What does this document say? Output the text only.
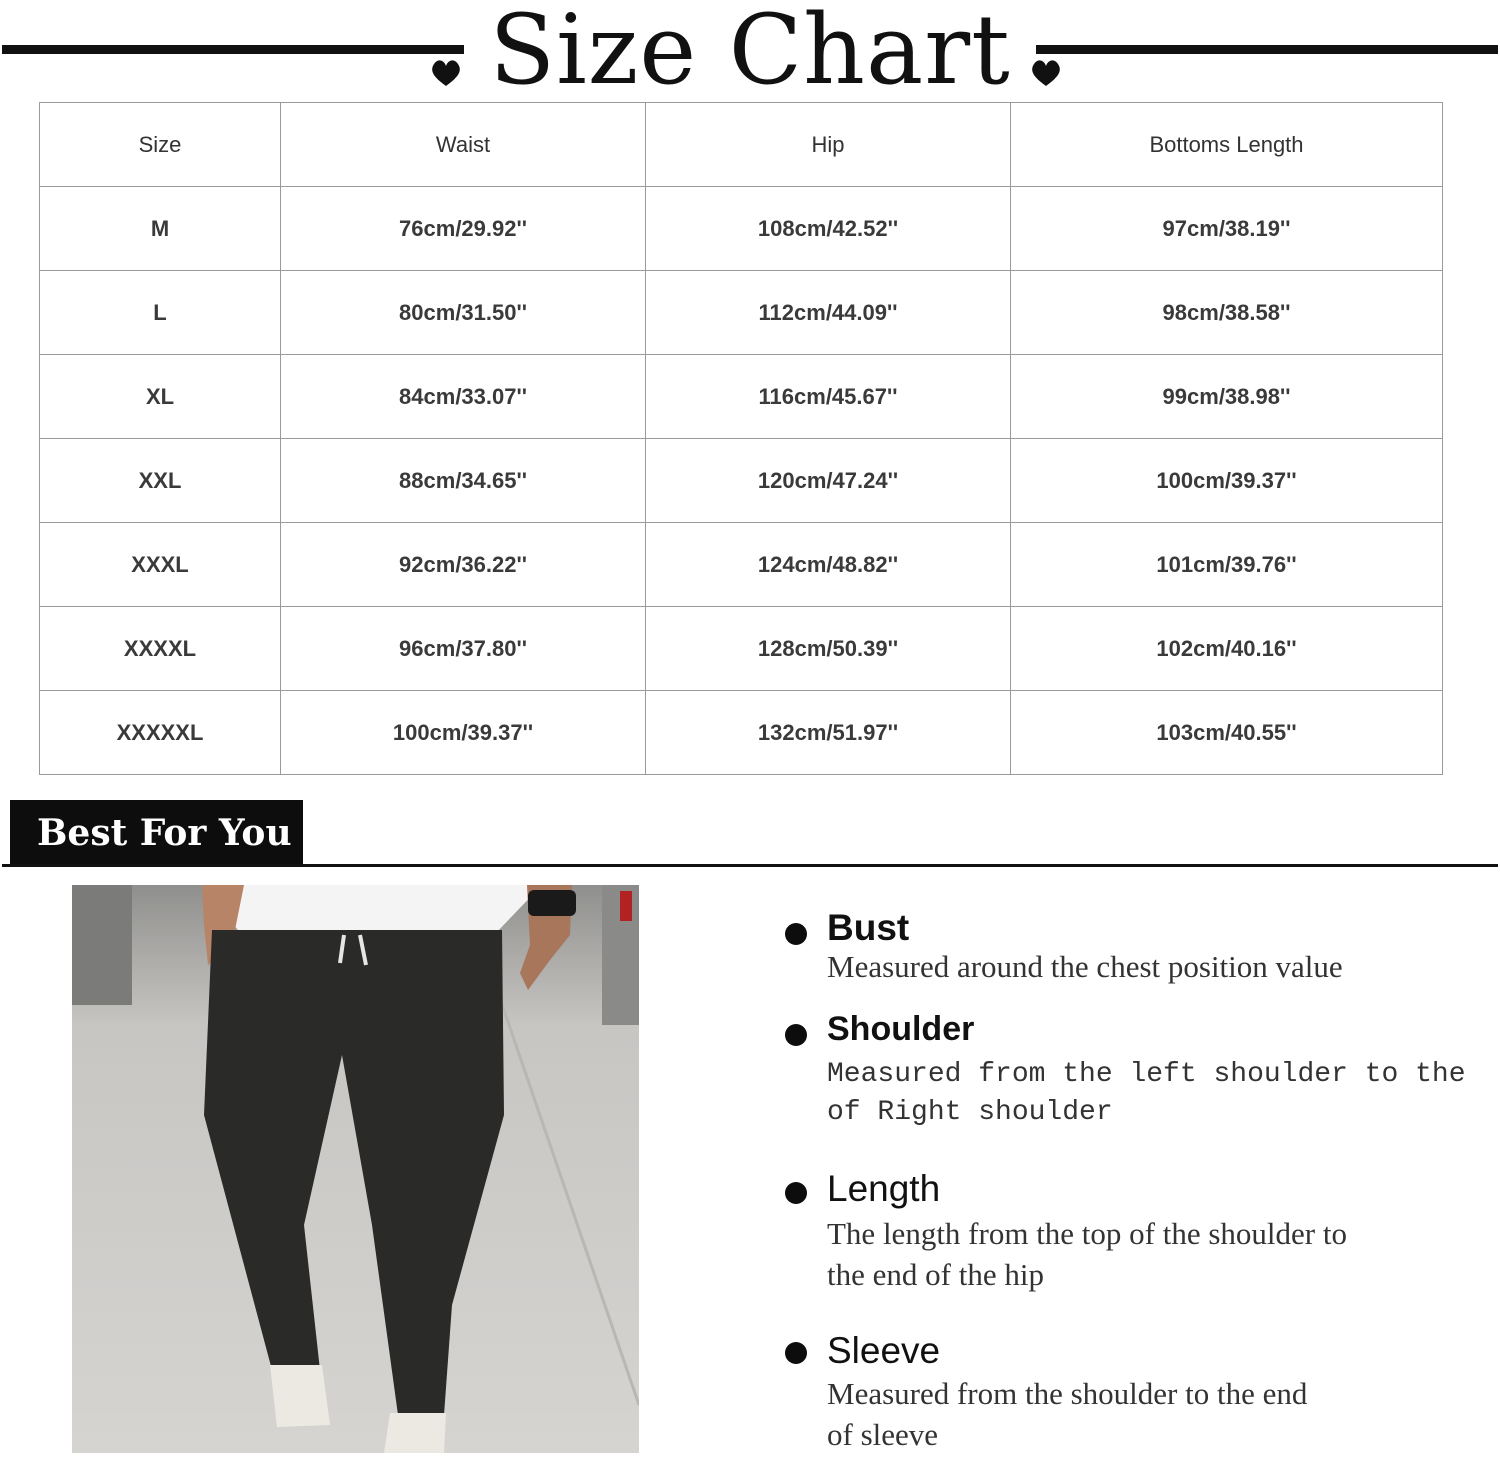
Size Chart
Size	Waist	Hip	Bottoms Length
M	76cm/29.92''	108cm/42.52''	97cm/38.19''
L	80cm/31.50''	112cm/44.09''	98cm/38.58''
XL	84cm/33.07''	116cm/45.67''	99cm/38.98''
XXL	88cm/34.65''	120cm/47.24''	100cm/39.37''
XXXL	92cm/36.22''	124cm/48.82''	101cm/39.76''
XXXXL	96cm/37.80''	128cm/50.39''	102cm/40.16''
XXXXXL	100cm/39.37''	132cm/51.97''	103cm/40.55''
Best For You
Bust
Measured around the chest position value
Shoulder
Measured from the left shoulder to the
of Right shoulder
Length
The length from the top of the shoulder to
the end of the hip
Sleeve
Measured from the shoulder to the end
of sleeve
